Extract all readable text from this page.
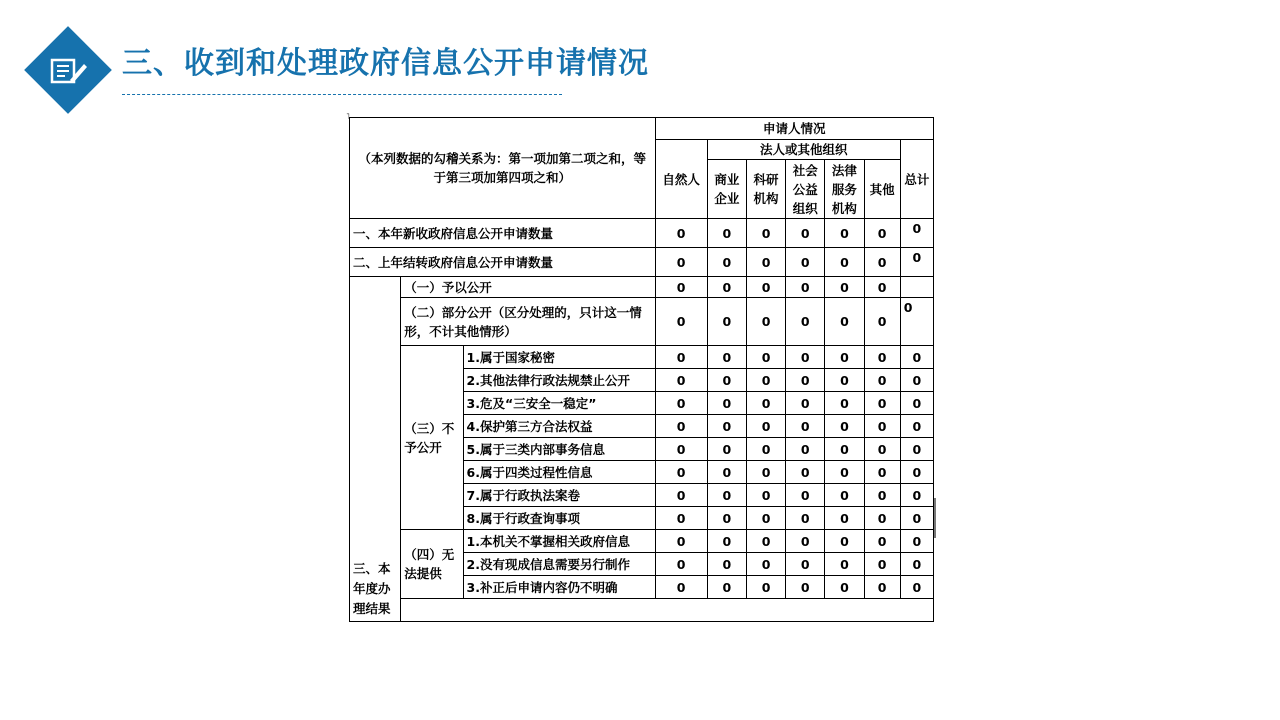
三、收到和处理政府信息公开申请情况
˥
（本列数据的勾稽关系为：第一项加第二项之和，等于第三项加第四项之和）			申请人情况						
			自然人	法人或其他组织					总计
				商业企业	科研机构	社会公益组织	法律服务机构	其他	

一、本年新收政府信息公开申请数量			0	0	0	0	0	0	0
二、上年结转政府信息公开申请数量			0	0	0	0	0	0	0
三、本年度办理结果	（一）予以公开		0	0	0	0	0	0	
	（二）部分公开（区分处理的，只计这一情形，不计其他情形）		0	0	0	0	0	0	0
	（三）不予公开	1.属于国家秘密	0	0	0	0	0	0	0
		2.其他法律行政法规禁止公开	0	0	0	0	0	0	0
		3.危及“三安全一稳定”	0	0	0	0	0	0	0
		4.保护第三方合法权益	0	0	0	0	0	0	0
		5.属于三类内部事务信息	0	0	0	0	0	0	0
		6.属于四类过程性信息	0	0	0	0	0	0	0
		7.属于行政执法案卷	0	0	0	0	0	0	0
		8.属于行政查询事项	0	0	0	0	0	0	0
	（四）无法提供	1.本机关不掌握相关政府信息	0	0	0	0	0	0	0
		2.没有现成信息需要另行制作	0	0	0	0	0	0	0
		3.补正后申请内容仍不明确	0	0	0	0	0	0	0
